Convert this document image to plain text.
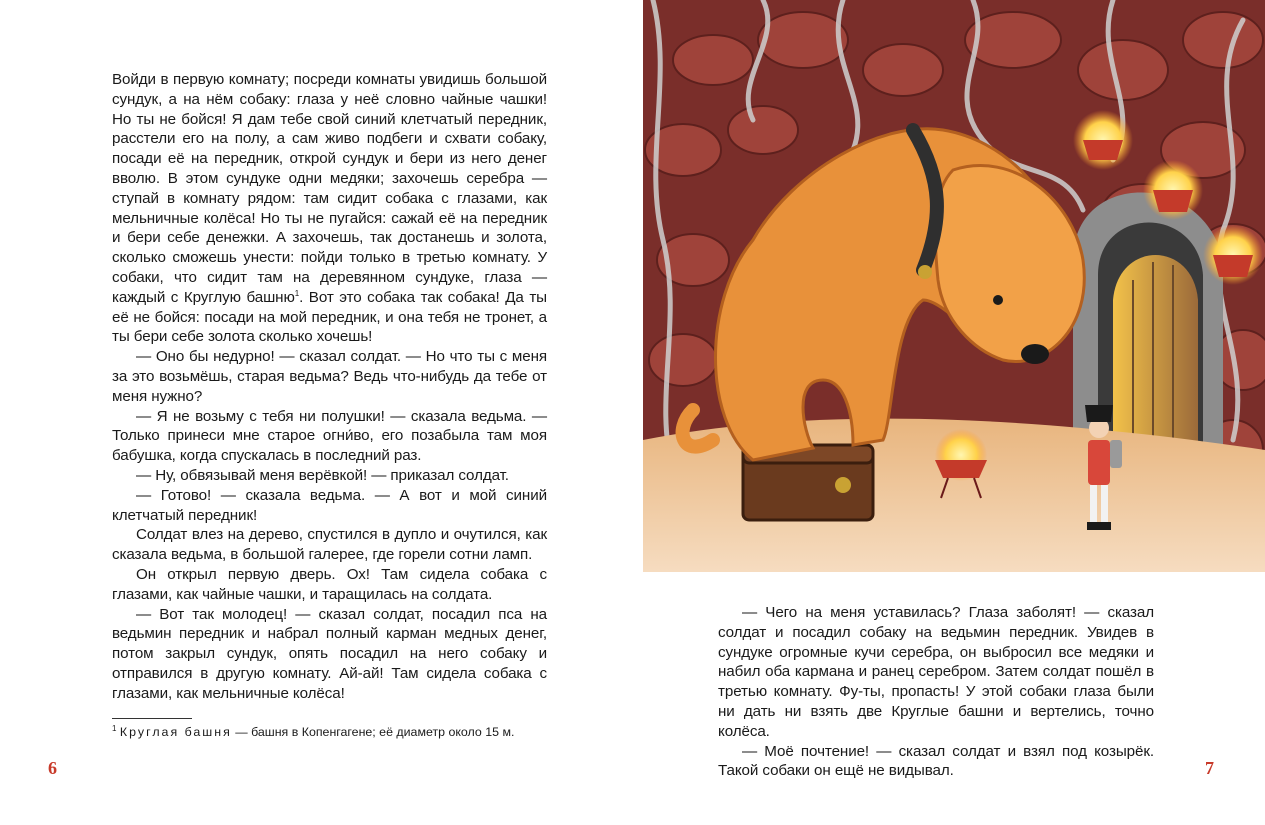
Войди в первую комнату; посреди комнаты увидишь большой сундук, а на нём собаку: глаза у неё словно чайные чашки! Но ты не бойся! Я дам тебе свой синий клетчатый передник, расстели его на полу, а сам живо подбеги и схвати собаку, посади её на передник, открой сундук и бери из него денег вволю. В этом сундуке одни медяки; захочешь серебра — ступай в комнату рядом: там сидит собака с глазами, как мельничные колёса! Но ты не пугайся: сажай её на передник и бери себе денежки. А захочешь, так достанешь и золота, сколько сможешь унести: пойди только в третью комнату. У собаки, что сидит там на деревянном сундуке, глаза — каждый с Круглую башню$^1$. Вот это собака так собака! Да ты её не бойся: посади на мой передник, и она тебя не тронет, а ты бери себе золота сколько хочешь!

— Оно бы недурно! — сказал солдат. — Но что ты с меня за это возьмёшь, старая ведьма? Ведь что-нибудь да тебе от меня нужно?

— Я не возьму с тебя ни полушки! — сказала ведьма. — Только принеси мне старое огни́во, его позабыла там моя бабушка, когда спускалась в последний раз.

— Ну, обвязывай меня верёвкой! — приказал солдат.

— Готово! — сказала ведьма. — А вот и мой синий клетчатый передник!

Солдат влез на дерево, спустился в дупло и очутился, как сказала ведьма, в большой галерее, где горели сотни ламп.

Он открыл первую дверь. Ох! Там сидела собака с глазами, как чайные чашки, и таращилась на солдата.

— Вот так молодец! — сказал солдат, посадил пса на ведьмин передник и набрал полный карман медных денег, потом закрыл сундук, опять посадил на него собаку и отправился в другую комнату. Ай-ай! Там сидела собака с глазами, как мельничные колёса!

$^1$ Круглая башня — башня в Копенгагене; её диаметр около 15 м.
6

— Чего на меня уставилась? Глаза заболят! — сказал солдат и посадил собаку на ведьмин передник. Увидев в сундуке огромные кучи серебра, он выбросил все медяки и набил оба кармана и ранец серебром. Затем солдат пошёл в третью комнату. Фу-ты, пропасть! У этой собаки глаза были ни дать ни взять две Круглые башни и вертелись, точно колёса.

— Моё почтение! — сказал солдат и взял под козырёк. Такой собаки он ещё не видывал.	7
